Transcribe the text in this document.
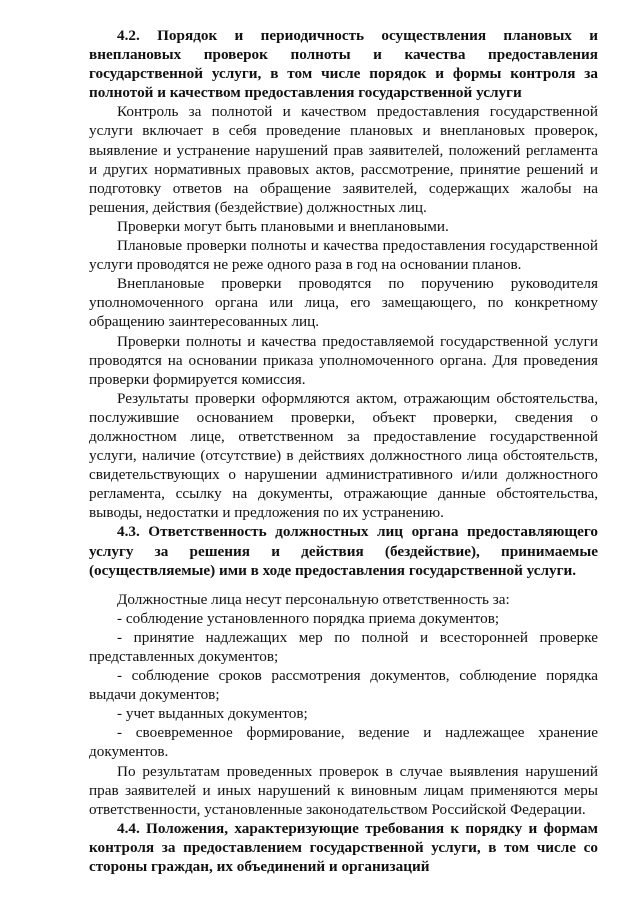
4.2. Порядок и периодичность осуществления плановых и внеплановых проверок полноты и качества предоставления государственной услуги, в том числе порядок и формы контроля за полнотой и качеством предоставления государственной услуги

Контроль за полнотой и качеством предоставления государственной услуги включает в себя проведение плановых и внеплановых проверок, выявление и устранение нарушений прав заявителей, положений регламента и других нормативных правовых актов, рассмотрение, принятие решений и подготовку ответов на обращение заявителей, содержащих жалобы на решения, действия (бездействие) должностных лиц.

Проверки могут быть плановыми и внеплановыми.

Плановые проверки полноты и качества предоставления государственной услуги проводятся не реже одного раза в год на основании планов.

Внеплановые проверки проводятся по поручению руководителя уполномоченного органа или лица, его замещающего, по конкретному обращению заинтересованных лиц.

Проверки полноты и качества предоставляемой государственной услуги проводятся на основании приказа уполномоченного органа. Для проведения проверки формируется комиссия.

Результаты проверки оформляются актом, отражающим обстоятельства, послужившие основанием проверки, объект проверки, сведения о должностном лице, ответственном за предоставление государственной услуги, наличие (отсутствие) в действиях должностного лица обстоятельств, свидетельствующих о нарушении административного и/или должностного регламента, ссылку на документы, отражающие данные обстоятельства, выводы, недостатки и предложения по их устранению.

4.3. Ответственность должностных лиц органа предоставляющего услугу за решения и действия (бездействие), принимаемые (осуществляемые) ими в ходе предоставления государственной услуги.

Должностные лица несут персональную ответственность за:

- соблюдение установленного порядка приема документов;

- принятие надлежащих мер по полной и всесторонней проверке представленных документов;

- соблюдение сроков рассмотрения документов, соблюдение порядка выдачи документов;

- учет выданных документов;

- своевременное формирование, ведение и надлежащее хранение документов.

По результатам проведенных проверок в случае выявления нарушений прав заявителей и иных нарушений к виновным лицам применяются меры ответственности, установленные законодательством Российской Федерации.

4.4. Положения, характеризующие требования к порядку и формам контроля за предоставлением государственной услуги, в том числе со стороны граждан, их объединений и организаций
